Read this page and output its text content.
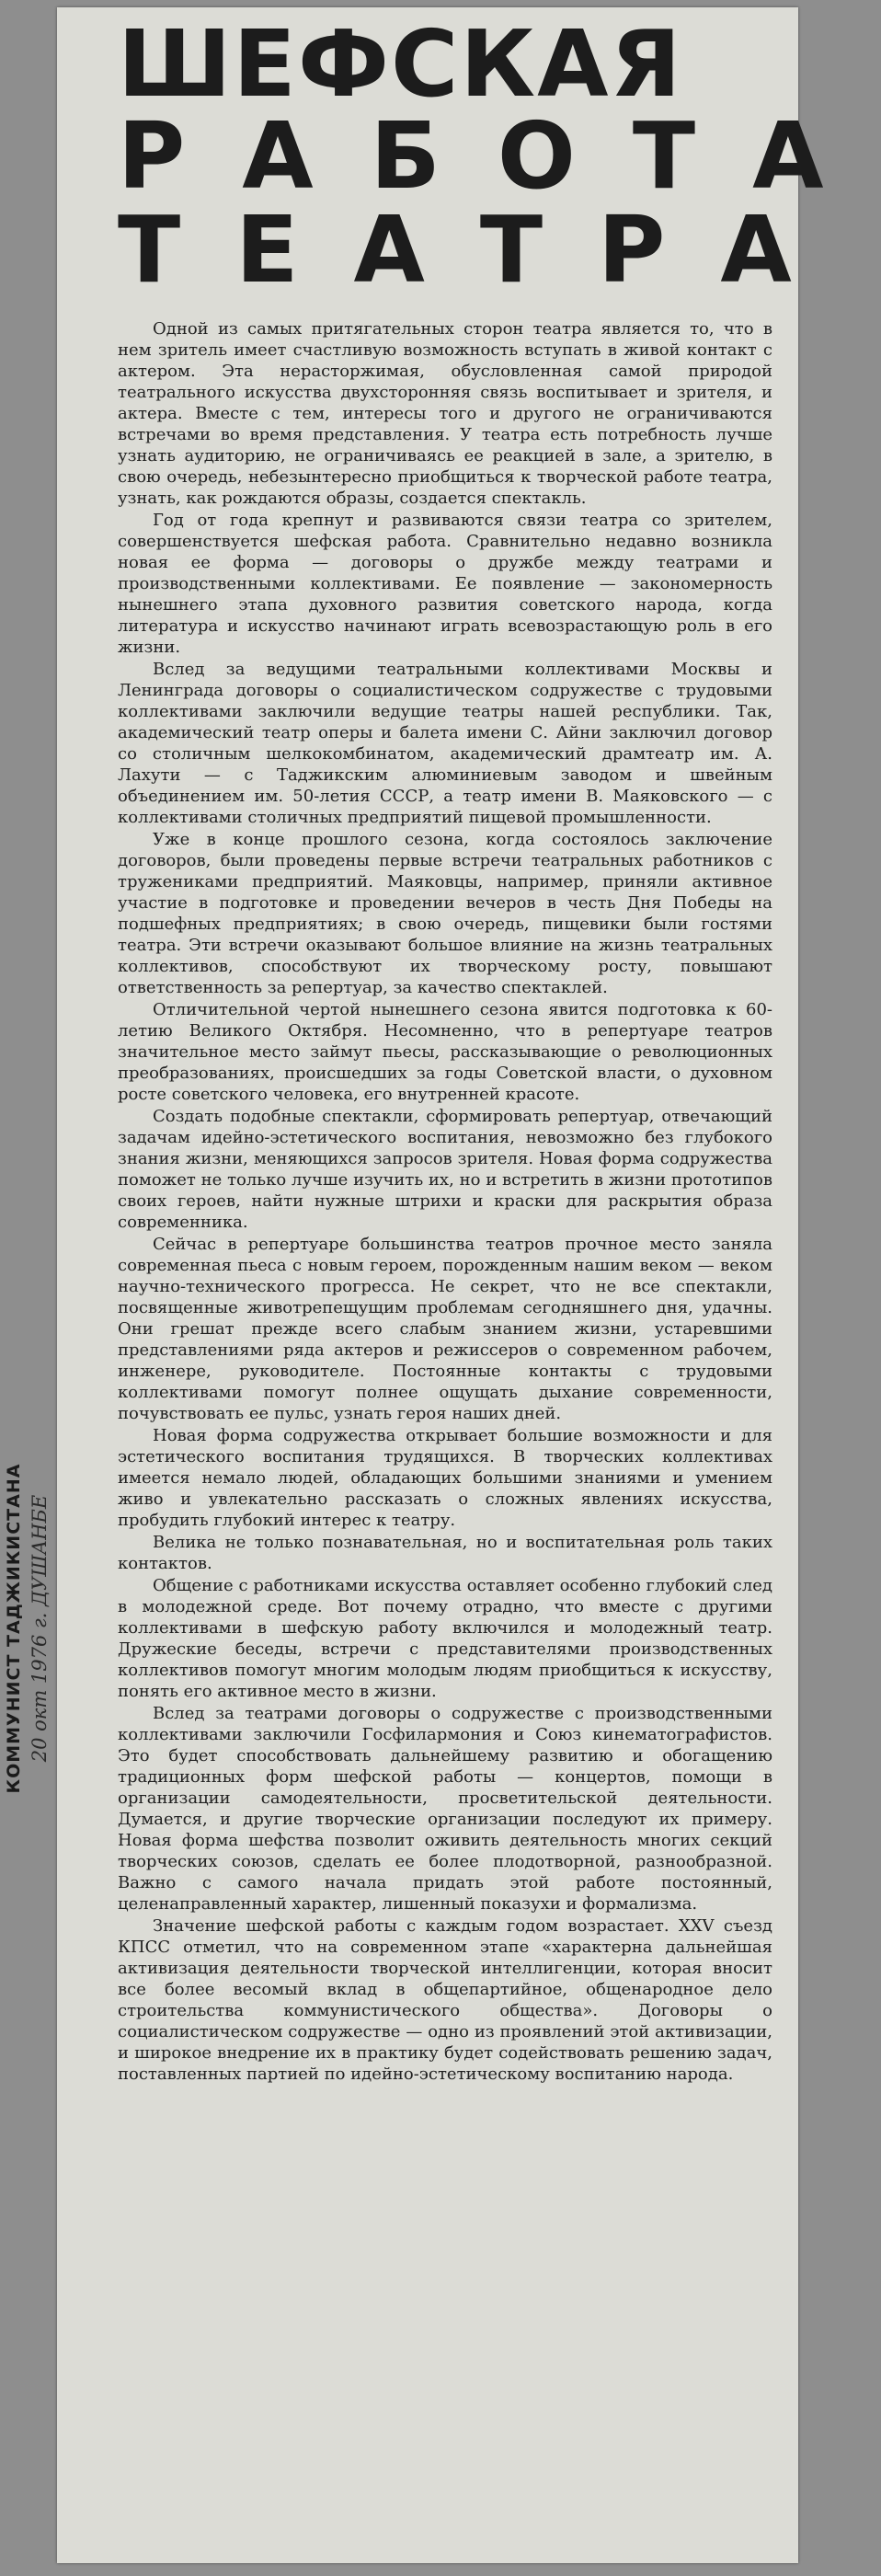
ШЕФСКАЯ
РАБОТА
ТЕАТРА

Одной из самых притягательных сторон театра является то, что в нем зритель имеет счастливую возможность вступать в живой контакт с актером. Эта нерасторжимая, обусловленная самой природой театрального искусства двухсторонняя связь воспитывает и зрителя, и актера. Вместе с тем, интересы того и другого не ограничиваются встречами во время представления. У театра есть потребность лучше узнать аудиторию, не ограничиваясь ее реакцией в зале, а зрителю, в свою очередь, небезынтересно приобщиться к творческой работе театра, узнать, как рождаются образы, создается спектакль.

Год от года крепнут и развиваются связи театра со зрителем, совершенствуется шефская работа. Сравнительно недавно возникла новая ее форма — договоры о дружбе между театрами и производственными коллективами. Ее появление — закономерность нынешнего этапа духовного развития советского народа, когда литература и искусство начинают играть всевозрастающую роль в его жизни.

Вслед за ведущими театральными коллективами Москвы и Ленинграда договоры о социалистическом содружестве с трудовыми коллективами заключили ведущие театры нашей республики. Так, академический театр оперы и балета имени С. Айни заключил договор со столичным шелкокомбинатом, академический драмтеатр им. А. Лахути — с Таджикским алюминиевым заводом и швейным объединением им. 50-летия СССР, а театр имени В. Маяковского — с коллективами столичных предприятий пищевой промышленности.

Уже в конце прошлого сезона, когда состоялось заключение договоров, были проведены первые встречи театральных работников с тружениками предприятий. Маяковцы, например, приняли активное участие в подготовке и проведении вечеров в честь Дня Победы на подшефных предприятиях; в свою очередь, пищевики были гостями театра. Эти встречи оказывают большое влияние на жизнь театральных коллективов, способствуют их творческому росту, повышают ответственность за репертуар, за качество спектаклей.

Отличительной чертой нынешнего сезона явится подготовка к 60-летию Великого Октября. Несомненно, что в репертуаре театров значительное место займут пьесы, рассказывающие о революционных преобразованиях, происшедших за годы Советской власти, о духовном росте советского человека, его внутренней красоте.

Создать подобные спектакли, сформировать репертуар, отвечающий задачам идейно-эстетического воспитания, невозможно без глубокого знания жизни, меняющихся запросов зрителя. Новая форма содружества поможет не только лучше изучить их, но и встретить в жизни прототипов своих героев, найти нужные штрихи и краски для раскрытия образа современника.

Сейчас в репертуаре большинства театров прочное место заняла современная пьеса с новым героем, порожденным нашим веком — веком научно-технического прогресса. Не секрет, что не все спектакли, посвященные животрепещущим проблемам сегодняшнего дня, удачны. Они грешат прежде всего слабым знанием жизни, устаревшими представлениями ряда актеров и режиссеров о современном рабочем, инженере, руководителе. Постоянные контакты с трудовыми коллективами помогут полнее ощущать дыхание современности, почувствовать ее пульс, узнать героя наших дней.

Новая форма содружества открывает большие возможности и для эстетического воспитания трудящихся. В творческих коллективах имеется немало людей, обладающих большими знаниями и умением живо и увлекательно рассказать о сложных явлениях искусства, пробудить глубокий интерес к театру.

Велика не только познавательная, но и воспитательная роль таких контактов.

Общение с работниками искусства оставляет особенно глубокий след в молодежной среде. Вот почему отрадно, что вместе с другими коллективами в шефскую работу включился и молодежный театр. Дружеские беседы, встречи с представителями производственных коллективов помогут многим молодым людям приобщиться к искусству, понять его активное место в жизни.

Вслед за театрами договоры о содружестве с производственными коллективами заключили Госфилармония и Союз кинематографистов. Это будет способствовать дальнейшему развитию и обогащению традиционных форм шефской работы — концертов, помощи в организации самодеятельности, просветительской деятельности. Думается, и другие творческие организации последуют их примеру. Новая форма шефства позволит оживить деятельность многих секций творческих союзов, сделать ее более плодотворной, разнообразной. Важно с самого начала придать этой работе постоянный, целенаправленный характер, лишенный показухи и формализма.

Значение шефской работы с каждым годом возрастает. XXV съезд КПСС отметил, что на современном этапе «характерна дальнейшая активизация деятельности творческой интеллигенции, которая вносит все более весомый вклад в общепартийное, общенародное дело строительства коммунистического общества». Договоры о социалистическом содружестве — одно из проявлений этой активизации, и широкое внедрение их в практику будет содействовать решению задач, поставленных партией по идейно-эстетическому воспитанию народа.

КОММУНИСТ ТАДЖИКИСТАНА 20 окт 1976 г. ДУШАНБЕ
